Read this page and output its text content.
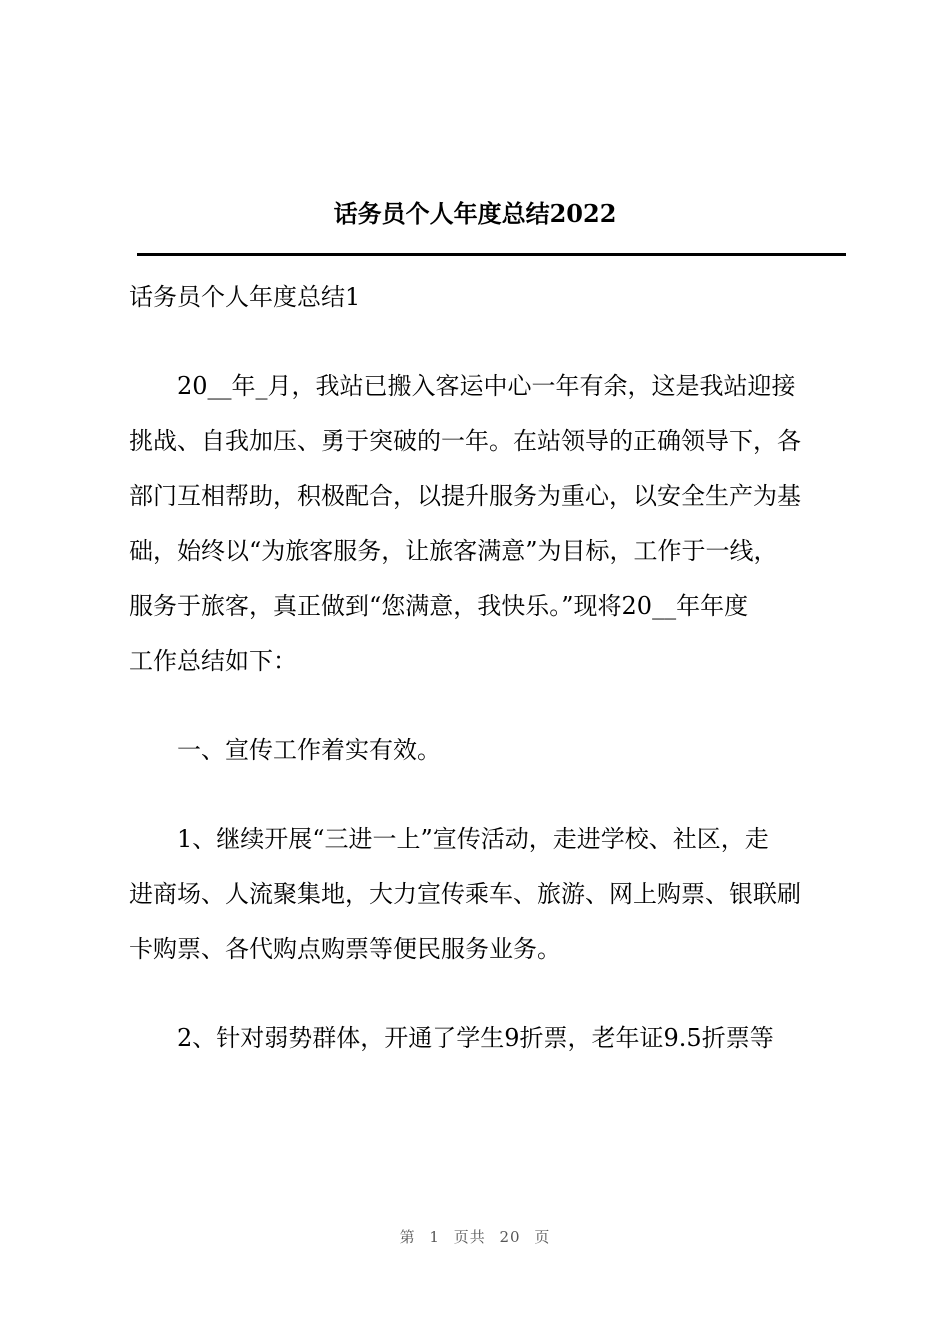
话务员个人年度总结2022

话务员个人年度总结1

20__年_月，我站已搬入客运中心一年有余，这是我站迎接

挑战、自我加压、勇于突破的一年。在站领导的正确领导下，各

部门互相帮助，积极配合，以提升服务为重心，以安全生产为基

础，始终以“为旅客服务，让旅客满意”为目标，工作于一线，

服务于旅客，真正做到“您满意，我快乐。”现将20__年年度

工作总结如下：

一、宣传工作着实有效。

1、继续开展“三进一上”宣传活动，走进学校、社区，走

进商场、人流聚集地，大力宣传乘车、旅游、网上购票、银联刷

卡购票、各代购点购票等便民服务业务。

2、针对弱势群体，开通了学生9折票，老年证9.5折票等

第 1 页共 20 页
